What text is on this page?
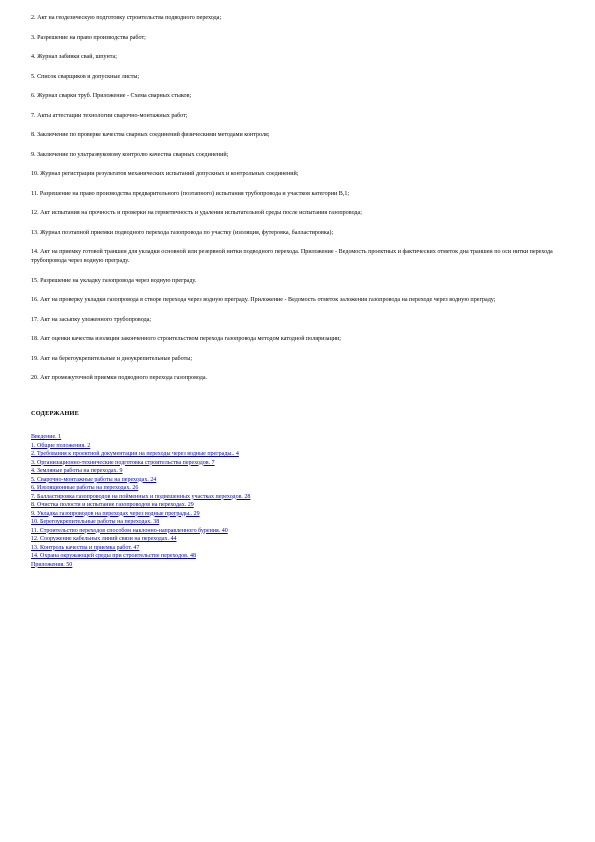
2. Акт на геодезическую подготовку строительства подводного перехода;

3. Разрешение на право производства работ;

4. Журнал забивки свай, шпунта;

5. Список сварщиков и допускные листы;

6. Журнал сварки труб. Приложение - Схема сварных стыков;

7. Акты аттестации технологии сварочно-монтажных работ;

8. Заключение по проверке качества сварных соединений физическими методами контроля;

9. Заключение по ультразвуковому контролю качества сварных соединений;

10. Журнал регистрации результатов механических испытаний допускных и контрольных соединений;

11. Разрешение на право производства предварительного (поэтапного) испытания трубопровода и участков категории В,1;

12. Акт испытания на прочность и проверки на герметичность и удаления испытательной среды после испытания газопровода;

13. Журнал поэтапной приемки подводного перехода газопровода по участку (изоляция, футеровка, балластировка);

14. Акт на приемку готовой траншеи для укладки основной или резервной нитки подводного перехода. Приложение - Ведомость проектных и фактических отметок дна траншеи по оси нитки перехода трубопровода через водную преграду.

15. Разрешение на укладку газопровода через водную преграду.

16. Акт на проверку укладки газопровода в створе перехода через водную преграду. Приложение - Ведомость отметок заложения газопровода на переходе через водную преграду;

17. Акт на засыпку уложенного трубопровода;

18. Акт оценки качества изоляции законченного строительством перехода газопровода методом катодной поляризации;

19. Акт на берегоукрепительные и дноукрепительные работы;

20. Акт промежуточной приемки подводного перехода газопровода.

СОДЕРЖАНИЕ
Введение. 1
1. Общие положения. 2
2. Требования к проектной документации на переходы через водные преграды.. 4
3. Организационно-технические подготовка строительства переходов. 7
4. Земляные работы на переходах. 9
5. Сварочно-монтажные работы на переходах. 24
6. Изоляционные работы на переходах. 26
7. Балластировка газопроводов на пойменных и подвешенных участках переходов. 28
8. Очистка полости и испытание газопроводов на переходах. 29
9. Укладка газопроводов на переходах через водные преграды.. 29
10. Берегоукрепительные работы на переходах. 38
11. Строительство переходов способом наклонно-направленного бурения. 40
12. Сооружение кабельных линий связи на переходах. 44
13. Контроль качества и приемка работ. 47
14. Охрана окружающей среды при строительстве переходов. 48
Приложения. 50
